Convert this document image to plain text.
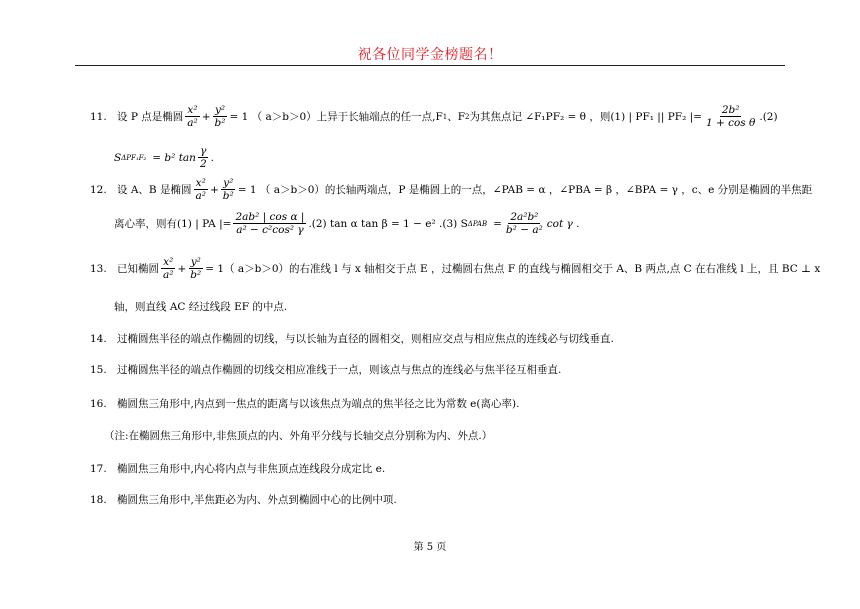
祝各位同学金榜题名！
11. 设 P 点是椭圆 $\frac{\text{x²}}{\text{a²}} + \frac{\text{y²}}{\text{b²}} = 1$ （ a＞b＞0）上异于长轴端点的任一点,F 1 、F 2 为其焦点记 ∠F₁PF₂ = θ ，则(1) | PF₁ || PF₂ |= $\frac{\text{2b²}}{\text{1 + cos θ}} .(2)$
S ΔPF₁F₂ = b² $\tan \frac{\gamma}{2}$ .
12. 设 A、B 是椭圆 $\frac{\text{x²}}{\text{a²}} + \frac{\text{y²}}{\text{b²}} = 1$ （ a＞b＞0）的长轴两端点，P 是椭圆上的一点，∠PAB = α ，∠PBA = β ，∠BPA = γ ，c、e 分别是椭圆的半焦距
离心率，则有(1) | PA |= $\frac{\text{2ab² | cos α |}}{\text{a² − c²cos² γ}} .(2)$ tan α tan β = 1 − e² .(3) S $\Delta PAB = \frac{\text{2a²b²}}{\text{b² − a²}}$ cot γ .
13. 已知椭圆 $\frac{\text{x²}}{\text{a²}} + \frac{\text{y²}}{\text{b²}} = 1$（ a＞b＞0）的右准线 l 与 x 轴相交于点 E ，过椭圆右焦点 F 的直线与椭圆相交于 A、B 两点,点 C 在右准线 l 上，且 BC ⊥ x
轴，则直线 AC 经过线段 EF 的中点.
14. 过椭圆焦半径的端点作椭圆的切线，与以长轴为直径的圆相交，则相应交点与相应焦点的连线必与切线垂直.
15. 过椭圆焦半径的端点作椭圆的切线交相应准线于一点，则该点与焦点的连线必与焦半径互相垂直.
16. 椭圆焦三角形中,内点到一焦点的距离与以该焦点为端点的焦半径之比为常数 e(离心率).
（注:在椭圆焦三角形中,非焦顶点的内、外角平分线与长轴交点分别称为内、外点.）
17. 椭圆焦三角形中,内心将内点与非焦顶点连线段分成定比 e.
18. 椭圆焦三角形中,半焦距必为内、外点到椭圆中心的比例中项.
第 5 页
